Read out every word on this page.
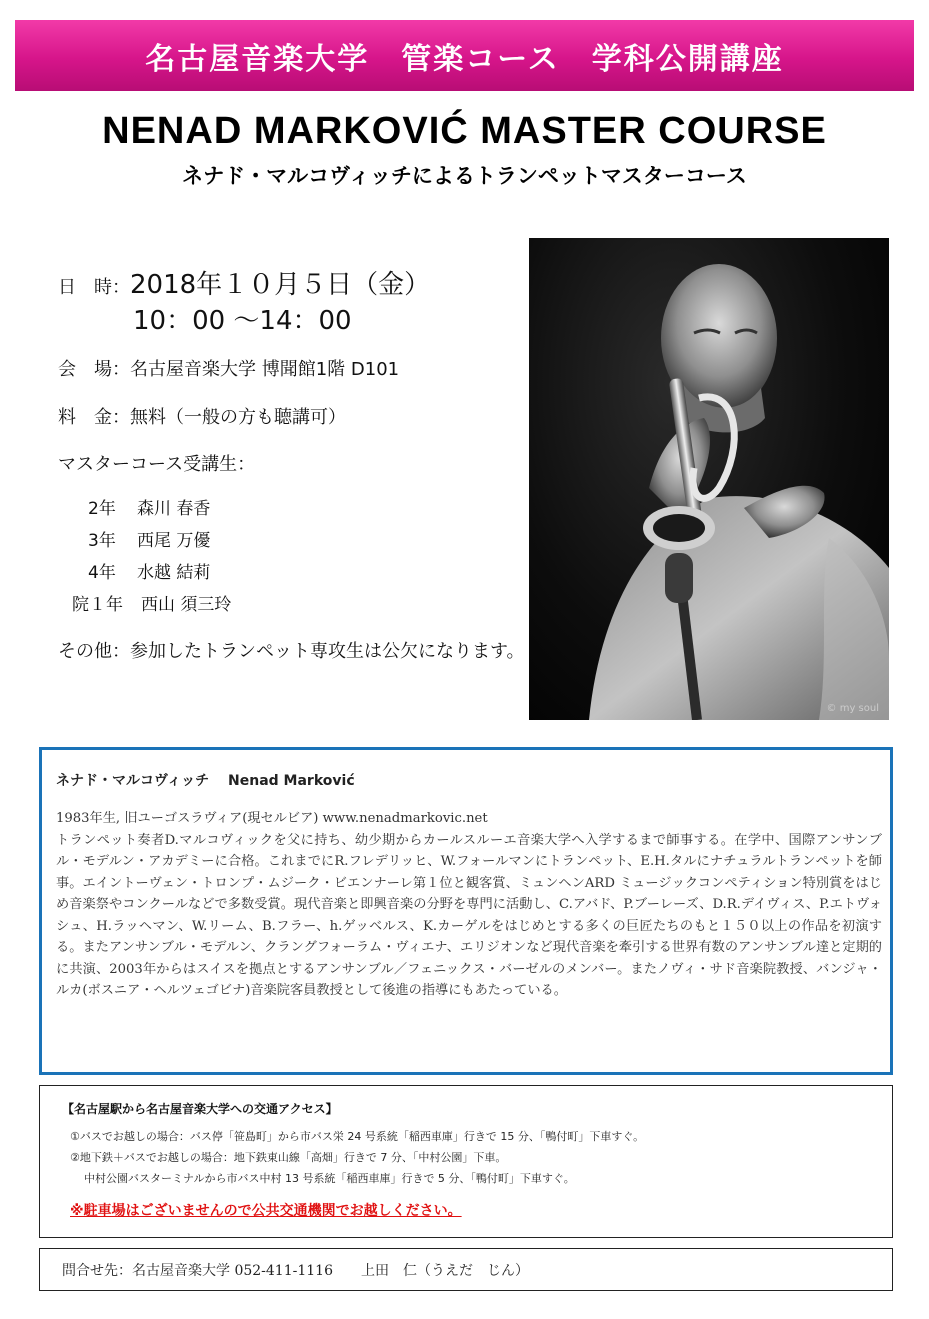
名古屋音楽大学　管楽コース　学科公開講座
NENAD MARKOVIĆ MASTER COURSE
ネナド・マルコヴィッチによるトランペットマスターコース
日　時：2018年１０月５日（金）
10：00 ～14：00
会　場：名古屋音楽大学 博聞館1階 D101
料　金：無料（一般の方も聴講可）
マスターコース受講生：
2年 森川 春香
3年 西尾 万優
4年 水越 結莉
院１年 西山 須三玲
その他：参加したトランペット専攻生は公欠になります。
© my soul
ネナド・マルコヴィッチ　 Nenad Marković
1983年生, 旧ユーゴスラヴィア(現セルビア) www.nenadmarkovic.net
トランペット奏者D.マルコヴィックを父に持ち、幼少期からカールスルーエ音楽大学へ入学するまで師事する。在学中、国際アンサンブル・モデルン・アカデミーに合格。これまでにR.フレデリッヒ、W.フォールマンにトランペット、E.H.タルにナチュラルトランペットを師事。エイントーヴェン・トロンプ・ムジーク・ビエンナーレ第１位と観客賞、ミュンヘンARD ミュージックコンペティション特別賞をはじめ音楽祭やコンクールなどで多数受賞。現代音楽と即興音楽の分野を専門に活動し、C.アバド、P.ブーレーズ、D.R.デイヴィス、P.エトヴォシュ、H.ラッヘマン、W.リーム、B.フラー、h.ゲッベルス、K.カーゲルをはじめとする多くの巨匠たちのもと１５０以上の作品を初演する。またアンサンブル・モデルン、クラングフォーラム・ヴィエナ、エリジオンなど現代音楽を牽引する世界有数のアンサンブル達と定期的に共演、2003年からはスイスを拠点とするアンサンブル／フェニックス・バーゼルのメンバー。またノヴィ・サド音楽院教授、バンジャ・ルカ(ボスニア・ヘルツェゴビナ)音楽院客員教授として後進の指導にもあたっている。
【名古屋駅から名古屋音楽大学への交通アクセス】
①バスでお越しの場合：バス停「笹島町」から市バス栄 24 号系統「稲西車庫」行きで 15 分、「鴨付町」下車すぐ。
②地下鉄＋バスでお越しの場合：地下鉄東山線「高畑」行きで 7 分、「中村公園」下車。
中村公園バスターミナルから市バス中村 13 号系統「稲西車庫」行きで 5 分、「鴨付町」下車すぐ。
※駐車場はございませんので公共交通機関でお越しください。
問合せ先：名古屋音楽大学 052-411-1116　　上田　仁（うえだ　じん）
